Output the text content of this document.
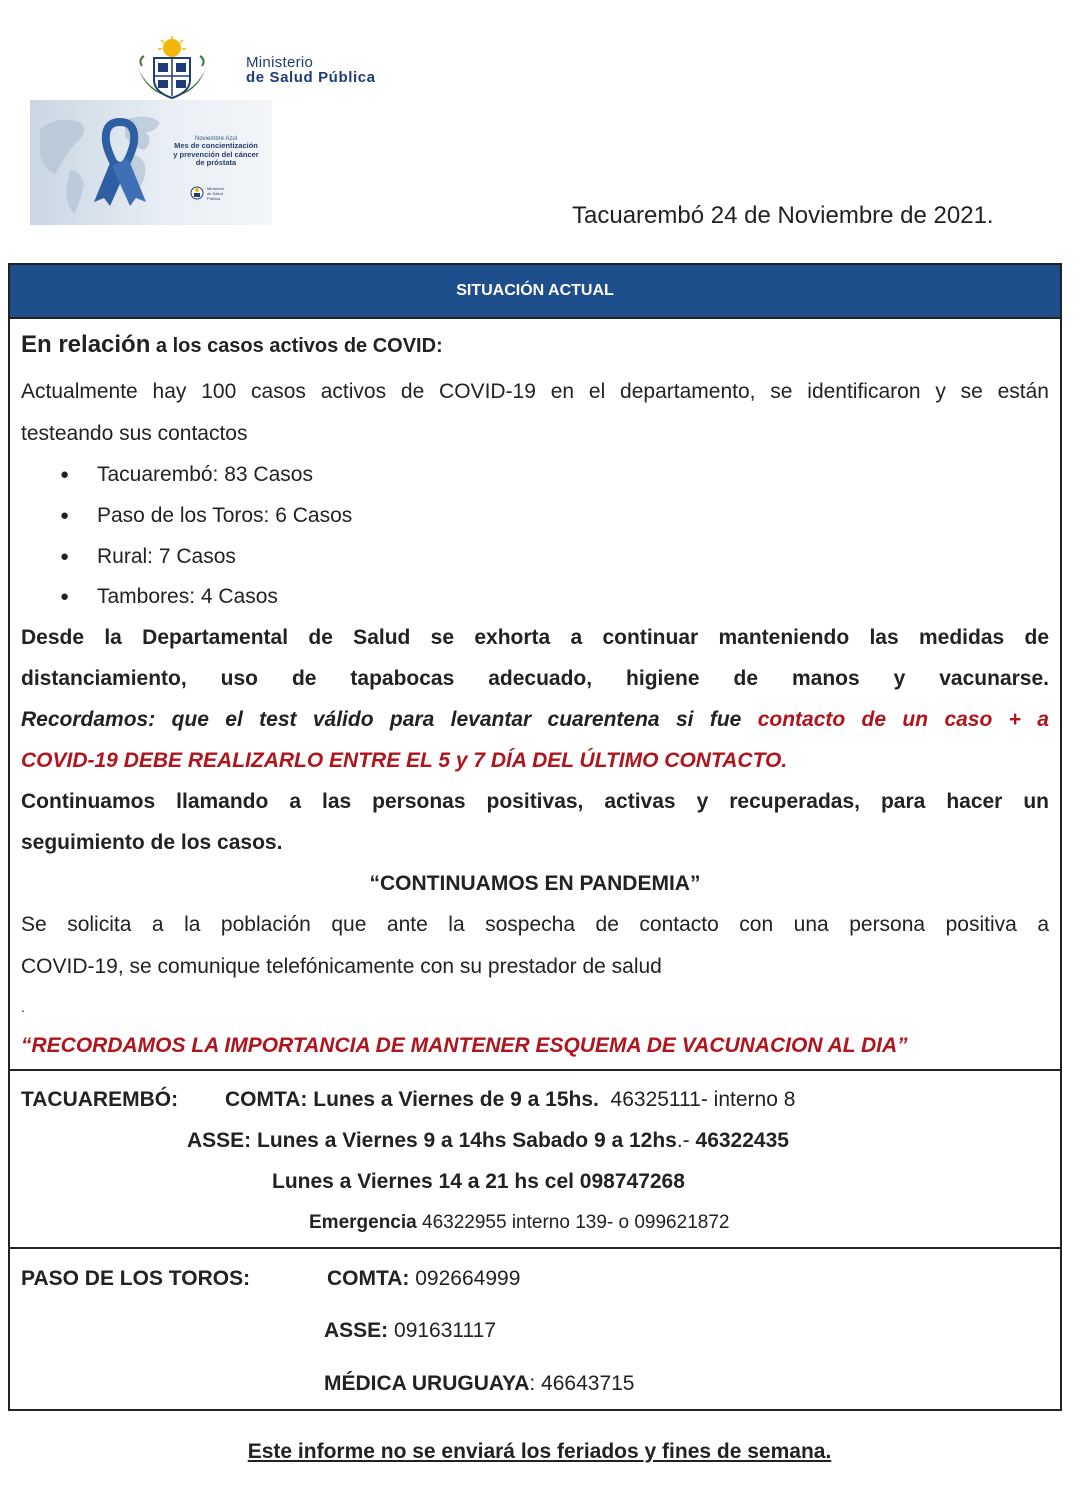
Ministerio
de Salud Pública
Noviembre Azul
Mes de concientización
y prevención del cáncer
de próstata
Ministerio
de Salud
Pública
Tacuarembó 24 de Noviembre de 2021.
SITUACIÓN ACTUAL
En relación a los casos activos de COVID:
Actualmente hay 100 casos activos de COVID-19 en el departamento, se identificaron y se están
testeando sus contactos
● Tacuarembó: 83 Casos
● Paso de los Toros: 6 Casos
● Rural: 7 Casos
● Tambores: 4 Casos
Desde la Departamental de Salud se exhorta a continuar manteniendo las medidas de
distanciamiento, uso de tapabocas adecuado, higiene de manos y vacunarse.
Recordamos: que el test válido para levantar cuarentena si fue contacto de un caso + a
COVID-19 DEBE REALIZARLO ENTRE EL 5 y 7 DÍA DEL ÚLTIMO CONTACTO.
Continuamos llamando a las personas positivas, activas y recuperadas, para hacer un
seguimiento de los casos.
“CONTINUAMOS EN PANDEMIA”
Se solicita a la población que ante la sospecha de contacto con una persona positiva a
COVID-19, se comunique telefónicamente con su prestador de salud
.
“RECORDAMOS LA IMPORTANCIA DE MANTENER ESQUEMA DE VACUNACION AL DIA”
TACUAREMBÓ: COMTA: Lunes a Viernes de 9 a 15hs. 46325111- interno 8
ASSE: Lunes a Viernes 9 a 14hs Sabado 9 a 12hs.- 46322435
Lunes a Viernes 14 a 21 hs cel 098747268
Emergencia 46322955 interno 139- o 099621872
PASO DE LOS TOROS:	COMTA: 092664999
ASSE: 091631117
MÉDICA URUGUAYA: 46643715
Este informe no se enviará los feriados y fines de semana.
